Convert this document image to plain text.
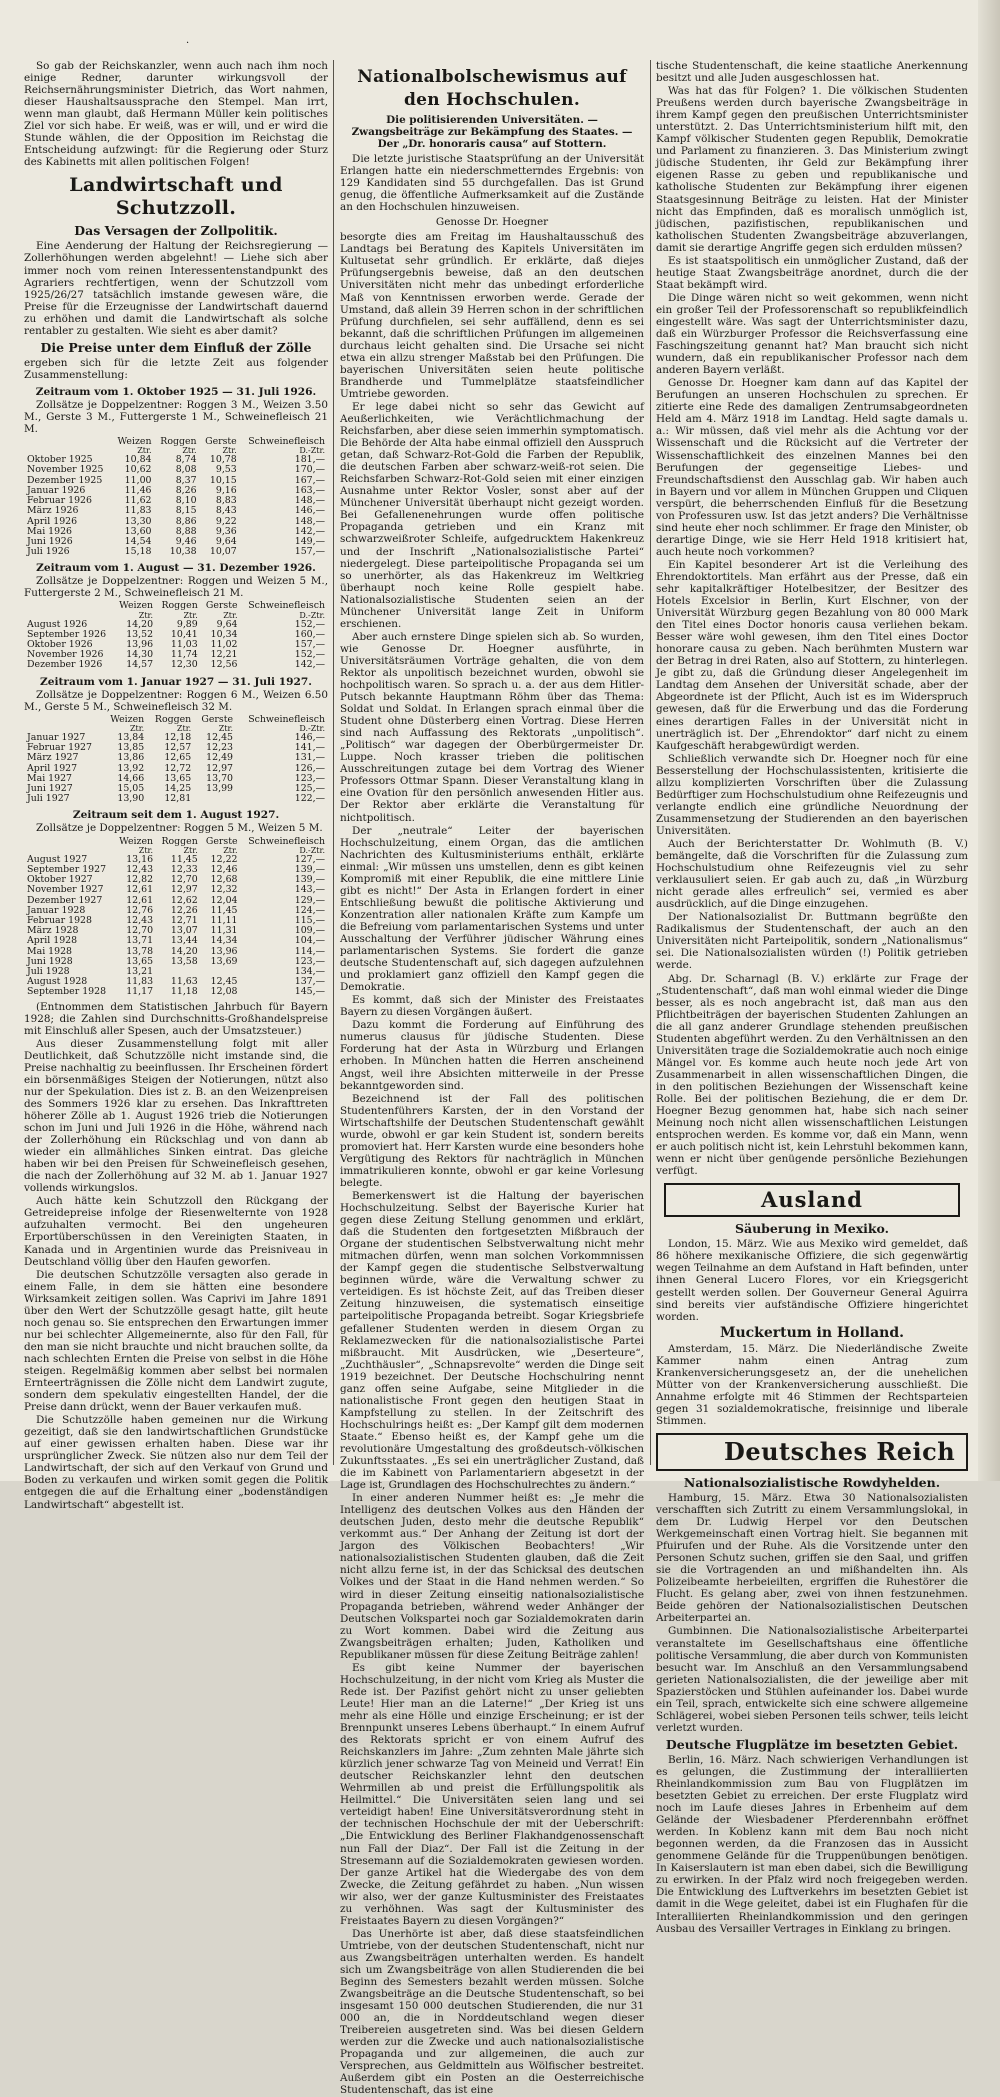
·

So gab der Reichskanzler, wenn auch nach ihm noch einige Redner, darunter wirkungsvoll der Reichsernährungsminister Dietrich, das Wort nahmen, dieser Haushaltsaussprache den Stempel. Man irrt, wenn man glaubt, daß Hermann Müller kein politisches Ziel vor sich habe. Er weiß, was er will, und er wird die Stunde wählen, die der Opposition im Reichstag die Entscheidung aufzwingt: für die Regierung oder Sturz des Kabinetts mit allen politischen Folgen!

Landwirtschaft und Schutzzoll.
Das Versagen der Zollpolitik.

Eine Aenderung der Haltung der Reichsregierung — Zollerhöhungen werden abgelehnt! — Liehe sich aber immer noch vom reinen Interessentenstandpunkt des Agrariers rechtfertigen, wenn der Schutzzoll vom 1925/26/27 tatsächlich imstande gewesen wäre, die Preise für die Erzeugnisse der Landwirtschaft dauernd zu erhöhen und damit die Landwirtschaft als solche rentabler zu gestalten. Wie sieht es aber damit?

Die Preise unter dem Einfluß der Zölle

ergeben sich für die letzte Zeit aus folgender Zusammenstellung:

Zeitraum vom 1. Oktober 1925 — 31. Juli 1926.

Zollsätze je Doppelzentner: Roggen 3 M., Weizen 3.50 M., Gerste 3 M., Futtergerste 1 M., Schweinefleisch 21 M.

	Weizen	Roggen	Gerste	Schweinefleisch
	Ztr.	Ztr.	Ztr.	D.-Ztr.
Oktober 1925	10,84	8,74	10,78	181,—
November 1925	10,62	8,08	9,53	170,—
Dezember 1925	11,00	8,37	10,15	167,—
Januar 1926	11,46	8,26	9,16	163,—
Februar 1926	11,62	8,10	8,83	148,—
März 1926	11,83	8,15	8,43	146,—
April 1926	13,30	8,86	9,22	148,—
Mai 1926	13,60	8,88	9,36	142,—
Juni 1926	14,54	9,46	9,64	149,—
Juli 1926	15,18	10,38	10,07	157,—
Zeitraum vom 1. August — 31. Dezember 1926.

Zollsätze je Doppelzentner: Roggen und Weizen 5 M., Futtergerste 2 M., Schweinefleisch 21 M.

	Weizen	Roggen	Gerste	Schweinefleisch
	Ztr.	Ztr.	Ztr.	D.-Ztr.
August 1926	14,20	9,89	9,64	152,—
September 1926	13,52	10,41	10,34	160,—
Oktober 1926	13,96	11,03	11,02	157,—
November 1926	14,30	11,74	12,21	152,—
Dezember 1926	14,57	12,30	12,56	142,—
Zeitraum vom 1. Januar 1927 — 31. Juli 1927.

Zollsätze je Doppelzentner: Roggen 6 M., Weizen 6.50 M., Gerste 5 M., Schweinefleisch 32 M.

	Weizen	Roggen	Gerste	Schweinefleisch
	Ztr.	Ztr.	Ztr.	D.-Ztr.
Januar 1927	13,84	12,18	12,45	146,—
Februar 1927	13,85	12,57	12,23	141,—
März 1927	13,86	12,65	12,49	131,—
April 1927	13,92	12,72	12,97	126,—
Mai 1927	14,66	13,65	13,70	123,—
Juni 1927	15,05	14,25	13,99	125,—
Juli 1927	13,90	12,81		122,—
Zeitraum seit dem 1. August 1927.

Zollsätze je Doppelzentner: Roggen 5 M., Weizen 5 M.

	Weizen	Roggen	Gerste	Schweinefleisch
	Ztr.	Ztr.	Ztr.	D.-Ztr.
August 1927	13,16	11,45	12,22	127,—
September 1927	12,43	12,33	12,46	139,—
Oktober 1927	12,82	12,70	12,68	139,—
November 1927	12,61	12,97	12,32	143,—
Dezember 1927	12,61	12,62	12,04	129,—
Januar 1928	12,76	12,26	11,45	124,—
Februar 1928	12,43	12,71	11,11	115,—
März 1928	12,70	13,07	11,31	109,—
April 1928	13,71	13,44	14,34	104,—
Mai 1928	13,78	14,20	13,96	114,—
Juni 1928	13,65	13,58	13,69	123,—
Juli 1928	13,21			134,—
August 1928	11,83	11,63	12,45	137,—
September 1928	11,17	11,18	12,08	145,—

(Entnommen dem Statistischen Jahrbuch für Bayern 1928; die Zahlen sind Durchschnitts-Großhandelspreise mit Einschluß aller Spesen, auch der Umsatzsteuer.)

Aus dieser Zusammenstellung folgt mit aller Deutlichkeit, daß Schutzzölle nicht imstande sind, die Preise nachhaltig zu beeinflussen. Ihr Erscheinen fördert ein börsenmäßiges Steigen der Notierungen, nützt also nur der Spekulation. Dies ist z. B. an den Weizenpreisen des Sommers 1926 klar zu ersehen. Das Inkrafttreten höherer Zölle ab 1. August 1926 trieb die Notierungen schon im Juni und Juli 1926 in die Höhe, während nach der Zollerhöhung ein Rückschlag und von dann ab wieder ein allmähliches Sinken eintrat. Das gleiche haben wir bei den Preisen für Schweinefleisch gesehen, die nach der Zollerhöhung auf 32 M. ab 1. Januar 1927 vollends wirkungslos.

Auch hätte kein Schutzzoll den Rückgang der Getreidepreise infolge der Riesenwelternte von 1928 aufzuhalten vermocht. Bei den ungeheuren Erportüberschüssen in den Vereinigten Staaten, in Kanada und in Argentinien wurde das Preisniveau in Deutschland völlig über den Haufen geworfen.

Die deutschen Schutzzölle versagten also gerade in einem Falle, in dem sie hätten eine besondere Wirksamkeit zeitigen sollen. Was Caprivi im Jahre 1891 über den Wert der Schutzzölle gesagt hatte, gilt heute noch genau so. Sie entsprechen den Erwartungen immer nur bei schlechter Allgemeinernte, also für den Fall, für den man sie nicht brauchte und nicht brauchen sollte, da nach schlechten Ernten die Preise von selbst in die Höhe steigen. Regelmäßig kommen aber selbst bei normalen Ernteerträgnissen die Zölle nicht dem Landwirt zugute, sondern dem spekulativ eingestellten Handel, der die Preise dann drückt, wenn der Bauer verkaufen muß.

Die Schutzzölle haben gemeinen nur die Wirkung gezeitigt, daß sie den landwirtschaftlichen Grundstücke auf einer gewissen erhalten haben. Diese war ihr ursprünglicher Zweck. Sie nützen also nur dem Teil der Landwirtschaft, der sich auf den Verkauf von Grund und Boden zu verkaufen und wirken somit gegen die Politik entgegen die auf die Erhaltung einer „bodenständigen Landwirtschaft“ abgestellt ist.

Nationalbolschewismus auf den Hochschulen.
Die politisierenden Universitäten. — Zwangsbeiträge zur Bekämpfung des Staates. — Der „Dr. honoraris causa“ auf Stottern.

Die letzte juristische Staatsprüfung an der Universität Erlangen hatte ein niederschmetterndes Ergebnis: von 129 Kandidaten sind 55 durchgefallen. Das ist Grund genug, die öffentliche Aufmerksamkeit auf die Zustände an den Hochschulen hinzuweisen.

Genosse Dr. Hoegner

besorgte dies am Freitag im Haushaltausschuß des Landtags bei Beratung des Kapitels Universitäten im Kultusetat sehr gründlich. Er erklärte, daß diejes Prüfungsergebnis beweise, daß an den deutschen Universitäten nicht mehr das unbedingt erforderliche Maß von Kenntnissen erworben werde. Gerade der Umstand, daß allein 39 Herren schon in der schriftlichen Prüfung durchfielen, sei sehr auffällend, denn es sei bekannt, daß die schriftlichen Prüfungen im allgemeinen durchaus leicht gehalten sind. Die Ursache sei nicht etwa ein allzu strenger Maßstab bei den Prüfungen. Die bayerischen Universitäten seien heute politische Brandherde und Tummelplätze staatsfeindlicher Umtriebe geworden.

Er lege dabei nicht so sehr das Gewicht auf Aeußerlichkeiten, wie Verächtlichmachung der Reichsfarben, aber diese seien immerhin symptomatisch. Die Behörde der Alta habe einmal offiziell den Ausspruch getan, daß Schwarz-Rot-Gold die Farben der Republik, die deutschen Farben aber schwarz-weiß-rot seien. Die Reichsfarben Schwarz-Rot-Gold seien mit einer einzigen Ausnahme unter Rektor Vosler, sonst aber auf der Münchener Universität überhaupt nicht gezeigt worden. Bei Gefallenenehrungen wurde offen politische Propaganda getrieben und ein Kranz mit schwarzweißroter Schleife, aufgedrucktem Hakenkreuz und der Inschrift „Nationalsozialistische Partei“ niedergelegt. Diese parteipolitische Propaganda sei um so unerhörter, als das Hakenkreuz im Weltkrieg überhaupt noch keine Rolle gespielt habe. Nationalsozialistische Studenten seien an der Münchener Universität lange Zeit in Uniform erschienen.

Aber auch ernstere Dinge spielen sich ab. So wurden, wie Genosse Dr. Hoegner ausführte, in Universitätsräumen Vorträge gehalten, die von dem Rektor als unpolitisch bezeichnet wurden, obwohl sie hochpolitisch waren. So sprach u. a. der aus dem Hitler-Putsch bekannte Hauptmann Röhm über das Thema: Soldat und Soldat. In Erlangen sprach einmal über die Student ohne Düsterberg einen Vortrag. Diese Herren sind nach Auffassung des Rektorats „unpolitisch“. „Politisch“ war dagegen der Oberbürgermeister Dr. Luppe. Noch krasser trieben die politischen Ausschreitungen zutage bei dem Vortrag des Wiener Professors Ottmar Spann. Dieser Veranstaltung klang in eine Ovation für den persönlich anwesenden Hitler aus. Der Rektor aber erklärte die Veranstaltung für nichtpolitisch.

Der „neutrale“ Leiter der bayerischen Hochschulzeitung, einem Organ, das die amtlichen Nachrichten des Kultusministeriums enthält, erklärte einmal: „Wir müssen uns umstellen, denn es gibt keinen Kompromiß mit einer Republik, die eine mittlere Linie gibt es nicht!“ Der Asta in Erlangen fordert in einer Entschließung bewußt die politische Aktivierung und Konzentration aller nationalen Kräfte zum Kampfe um die Befreiung vom parlamentarischen Systems und unter Ausschaltung der Verführer jüdischer Währung eines parlamentarischen Systems. Sie fordert die ganze deutsche Studentenschaft auf, sich dagegen aufzulehnen und proklamiert ganz offiziell den Kampf gegen die Demokratie.

Es kommt, daß sich der Minister des Freistaates Bayern zu diesen Vorgängen äußert.

Dazu kommt die Forderung auf Einführung des numerus clausus für jüdische Studenten. Diese Forderung hat der Asta in Würzburg und Erlangen erhoben. In München hatten die Herren anscheinend Angst, weil ihre Absichten mitterweile in der Presse bekanntgeworden sind.

Bezeichnend ist der Fall des politischen Studentenführers Karsten, der in den Vorstand der Wirtschaftshilfe der Deutschen Studentenschaft gewählt wurde, obwohl er gar kein Student ist, sondern bereits promoviert hat. Herr Karsten wurde eine besonders hohe Vergütigung des Rektors für nachträglich in München immatrikulieren konnte, obwohl er gar keine Vorlesung belegte.

Bemerkenswert ist die Haltung der bayerischen Hochschulzeitung. Selbst der Bayerische Kurier hat gegen diese Zeitung Stellung genommen und erklärt, daß die Studenten den fortgesetzten Mißbrauch der Organe der studentischen Selbstverwaltung nicht mehr mitmachen dürfen, wenn man solchen Vorkommnissen der Kampf gegen die studentische Selbstverwaltung beginnen würde, wäre die Verwaltung schwer zu verteidigen. Es ist höchste Zeit, auf das Treiben dieser Zeitung hinzuweisen, die systematisch einseitige parteipolitische Propaganda betreibt. Sogar Kriegsbriefe gefallener Studenten werden in diesem Organ zu Reklamezwecken für die nationalsozialistische Partei mißbraucht. Mit Ausdrücken, wie „Deserteure“, „Zuchthäusler“, „Schnapsrevolte“ werden die Dinge seit 1919 bezeichnet. Der Deutsche Hochschulring nennt ganz offen seine Aufgabe, seine Mitglieder in die nationalistische Front gegen den heutigen Staat in Kampfstellung zu stellen. In der Zeitschrift des Hochschulrings heißt es: „Der Kampf gilt dem modernen Staate.“ Ebenso heißt es, der Kampf gehe um die revolutionäre Umgestaltung des großdeutsch-völkischen Zukunftsstaates. „Es sei ein unerträglicher Zustand, daß die im Kabinett von Parlamentariern abgesetzt in der Lage ist, Grundlagen des Hochschulrechtes zu ändern.“

In einer anderen Nummer heißt es: „Je mehr die Intelligenz des deutschen Volkes aus den Händen der deutschen Juden, desto mehr die deutsche Republik“ verkommt aus.“ Der Anhang der Zeitung ist dort der Jargon des Völkischen Beobachters! „Wir nationalsozialistischen Studenten glauben, daß die Zeit nicht allzu ferne ist, in der das Schicksal des deutschen Volkes und der Staat in die Hand nehmen werden.“ So wird in dieser Zeitung einseitig nationalsozialistische Propaganda betrieben, während weder Anhänger der Deutschen Volkspartei noch gar Sozialdemokraten darin zu Wort kommen. Dabei wird die Zeitung aus Zwangsbeiträgen erhalten; Juden, Katholiken und Republikaner müssen für diese Zeitung Beiträge zahlen!

Es gibt keine Nummer der bayerischen Hochschulzeitung, in der nicht vom Krieg als Muster die Rede ist. Der Pazifist gehört nicht zu unser geliebten Leute! Hier man an die Laterne!“ „Der Krieg ist uns mehr als eine Hölle und einzige Erscheinung; er ist der Brennpunkt unseres Lebens überhaupt.“ In einem Aufruf des Rektorats spricht er von einem Aufruf des Reichskanzlers im Jahre: „Zum zehnten Male jährte sich kürzlich jener schwarze Tag von Meineid und Verrat! Ein deutscher Reichskanzler lehnt den deutschen Wehrmillen ab und preist die Erfüllungspolitik als Heilmittel.“ Die Universitäten seien lang und sei verteidigt haben! Eine Universitätsverordnung steht in der technischen Hochschule der mit der Ueberschrift: „Die Entwicklung des Berliner Flakhandgenossenschaft nun Fall der Diaz“. Der Fall ist die Zeitung in der Stresemann auf die Sozialdemokraten gewiesen worden. Der ganze Artikel hat die Wiedergabe des von dem Zwecke, die Zeitung gefährdet zu haben. „Nun wissen wir also, wer der ganze Kultusminister des Freistaates zu verhöhnen. Was sagt der Kultusminister des Freistaates Bayern zu diesen Vorgängen?“

Das Unerhörte ist aber, daß diese staatsfeindlichen Umtriebe, von der deutschen Studentenschaft, nicht nur aus Zwangsbeiträgen unterhalten werden. Es handelt sich um Zwangsbeiträge von allen Studierenden die bei Beginn des Semesters bezahlt werden müssen. Solche Zwangsbeiträge an die Deutsche Studentenschaft, so bei insgesamt 150 000 deutschen Studierenden, die nur 31 000 an, die in Norddeutschland wegen dieser Treibereien ausgetreten sind. Was bei diesen Geldern werden zur die Zwecke und auch nationalsozialistische Propaganda und zur allgemeinen, die auch zur Versprechen, aus Geldmitteln aus Wölfischer bestreitet. Außerdem gibt ein Posten an die Oesterreichische Studentenschaft, das ist eine

tische Studentenschaft, die keine staatliche Anerkennung besitzt und alle Juden ausgeschlossen hat.

Was hat das für Folgen? 1. Die völkischen Studenten Preußens werden durch bayerische Zwangsbeiträge in ihrem Kampf gegen den preußischen Unterrichtsminister unterstützt. 2. Das Unterrichtsministerium hilft mit, den Kampf völkischer Studenten gegen Republik, Demokratie und Parlament zu finanzieren. 3. Das Ministerium zwingt jüdische Studenten, ihr Geld zur Bekämpfung ihrer eigenen Rasse zu geben und republikanische und katholische Studenten zur Bekämpfung ihrer eigenen Staatsgesinnung Beiträge zu leisten. Hat der Minister nicht das Empfinden, daß es moralisch unmöglich ist, jüdischen, pazifistischen, republikanischen und katholischen Studenten Zwangsbeiträge abzuverlangen, damit sie derartige Angriffe gegen sich erdulden müssen?

Es ist staatspolitisch ein unmöglicher Zustand, daß der heutige Staat Zwangsbeiträge anordnet, durch die der Staat bekämpft wird.

Die Dinge wären nicht so weit gekommen, wenn nicht ein großer Teil der Professorenschaft so republikfeindlich eingestellt wäre. Was sagt der Unterrichtsminister dazu, daß ein Würzburger Professor die Reichsverfassung eine Faschingszeitung genannt hat? Man braucht sich nicht wundern, daß ein republikanischer Professor nach dem anderen Bayern verläßt.

Genosse Dr. Hoegner kam dann auf das Kapitel der Berufungen an unseren Hochschulen zu sprechen. Er zitierte eine Rede des damaligen Zentrumsabgeordneten Held am 4. März 1918 im Landtag. Held sagte damals u. a.: Wir müssen, daß viel mehr als die Achtung vor der Wissenschaft und die Rücksicht auf die Vertreter der Wissenschaftlichkeit des einzelnen Mannes bei den Berufungen der gegenseitige Liebes- und Freundschaftsdienst den Ausschlag gab. Wir haben auch in Bayern und vor allem in München Gruppen und Cliquen verspürt, die beherrschenden Einfluß für die Besetzung von Professuren usw. Ist das jetzt anders? Die Verhältnisse sind heute eher noch schlimmer. Er frage den Minister, ob derartige Dinge, wie sie Herr Held 1918 kritisiert hat, auch heute noch vorkommen?

Ein Kapitel besonderer Art ist die Verleihung des Ehrendoktortitels. Man erfährt aus der Presse, daß ein sehr kapitalkräftiger Hotelbesitzer, der Besitzer des Hotels Excelsior in Berlin, Kurt Elschner, von der Universität Würzburg gegen Bezahlung von 80 000 Mark den Titel eines Doctor honoris causa verliehen bekam. Besser wäre wohl gewesen, ihm den Titel eines Doctor honorare causa zu geben. Nach berühmten Mustern war der Betrag in drei Raten, also auf Stottern, zu hinterlegen. Je gibt zu, daß die Gründung dieser Angelegenheit im Landtag dem Ansehen der Universität schade, aber der Abgeordnete ist der Pflicht, Auch ist es im Widerspruch gewesen, daß für die Erwerbung und das die Forderung eines derartigen Falles in der Universität nicht in unerträglich ist. Der „Ehrendoktor“ darf nicht zu einem Kaufgeschäft herabgewürdigt werden.

Schließlich verwandte sich Dr. Hoegner noch für eine Besserstellung der Hochschulassistenten, kritisierte die allzu komplizierten Vorschriften über die Zulassung Bedürftiger zum Hochschulstudium ohne Reifezeugnis und verlangte endlich eine gründliche Neuordnung der Zusammensetzung der Studierenden an den bayerischen Universitäten.

Auch der Berichterstatter Dr. Wohlmuth (B. V.) bemängelte, daß die Vorschriften für die Zulassung zum Hochschulstudium ohne Reifezeugnis viel zu sehr verklausuliert seien. Er gab auch zu, daß „in Würzburg nicht gerade alles erfreulich“ sei, vermied es aber ausdrücklich, auf die Dinge einzugehen.

Der Nationalsozialist Dr. Buttmann begrüßte den Radikalismus der Studentenschaft, der auch an den Universitäten nicht Parteipolitik, sondern „Nationalismus“ sei. Die Nationalsozialisten würden (!) Politik getrieben werde.

Abg. Dr. Scharnagl (B. V.) erklärte zur Frage der „Studentenschaft“, daß man wohl einmal wieder die Dinge besser, als es noch angebracht ist, daß man aus den Pflichtbeiträgen der bayerischen Studenten Zahlungen an die all ganz anderer Grundlage stehenden preußischen Studenten abgeführt werden. Zu den Verhältnissen an den Universitäten trage die Sozialdemokratie auch noch einige Mängel vor. Es komme auch heute noch jede Art von Zusammenarbeit in allen wissenschaftlichen Dingen, die in den politischen Beziehungen der Wissenschaft keine Rolle. Bei der politischen Beziehung, die er dem Dr. Hoegner Bezug genommen hat, habe sich nach seiner Meinung noch nicht allen wissenschaftlichen Leistungen entsprochen werden. Es komme vor, daß ein Mann, wenn er auch politisch nicht ist, kein Lehrstuhl bekommen kann, wenn er nicht über genügende persönliche Beziehungen verfügt.

Ausland
Säuberung in Mexiko.

London, 15. März. Wie aus Mexiko wird gemeldet, daß 86 höhere mexikanische Offiziere, die sich gegenwärtig wegen Teilnahme an dem Aufstand in Haft befinden, unter ihnen General Lucero Flores, vor ein Kriegsgericht gestellt werden sollen. Der Gouverneur General Aguirra sind bereits vier aufständische Offiziere hingerichtet worden.

Muckertum in Holland.

Amsterdam, 15. März. Die Niederländische Zweite Kammer nahm einen Antrag zum Krankenversicherungsgesetz an, der die unehelichen Mütter von der Krankenversicherung ausschließt. Die Annahme erfolgte mit 46 Stimmen der Rechtsparteien gegen 31 sozialdemokratische, freisinnige und liberale Stimmen.

Deutsches Reich
Nationalsozialistische Rowdyhelden.

Hamburg, 15. März. Etwa 30 Nationalsozialisten verschafften sich Zutritt zu einem Versammlungslokal, in dem Dr. Ludwig Herpel vor den Deutschen Werkgemeinschaft einen Vortrag hielt. Sie begannen mit Pfuirufen und der Ruhe. Als die Vorsitzende unter den Personen Schutz suchen, griffen sie den Saal, und griffen sie die Vortragenden an und mißhandelten ihn. Als Polizeibeamte herbeieilten, ergriffen die Ruhestörer die Flucht. Es gelang aber, zwei von ihnen festzunehmen. Beide gehören der Nationalsozialistischen Deutschen Arbeiterpartei an.

Gumbinnen. Die Nationalsozialistische Arbeiterpartei veranstaltete im Gesellschaftshaus eine öffentliche politische Versammlung, die aber durch von Kommunisten besucht war. Im Anschluß an den Versammlungsabend gerieten Nationalsozialisten, die der jeweilige aber mit Spazierstöcken und Stühlen aufeinander los. Dabei wurde ein Teil, sprach, entwickelte sich eine schwere allgemeine Schlägerei, wobei sieben Personen teils schwer, teils leicht verletzt wurden.

Deutsche Flugplätze im besetzten Gebiet.

Berlin, 16. März. Nach schwierigen Verhandlungen ist es gelungen, die Zustimmung der interalliierten Rheinlandkommission zum Bau von Flugplätzen im besetzten Gebiet zu erreichen. Der erste Flugplatz wird noch im Laufe dieses Jahres in Erbenheim auf dem Gelände der Wiesbadener Pferderennbahn eröffnet werden. In Koblenz kann mit dem Bau noch nicht begonnen werden, da die Franzosen das in Aussicht genommene Gelände für die Truppenübungen benötigen. In Kaiserslautern ist man eben dabei, sich die Bewilligung zu erwirken. In der Pfalz wird noch freigegeben werden. Die Entwicklung des Luftverkehrs im besetzten Gebiet ist damit in die Wege geleitet, dabei ist ein Flughafen für die Interalliierten Rheinlandkommission und den geringen Ausbau des Versailler Vertrages in Einklang zu bringen.
